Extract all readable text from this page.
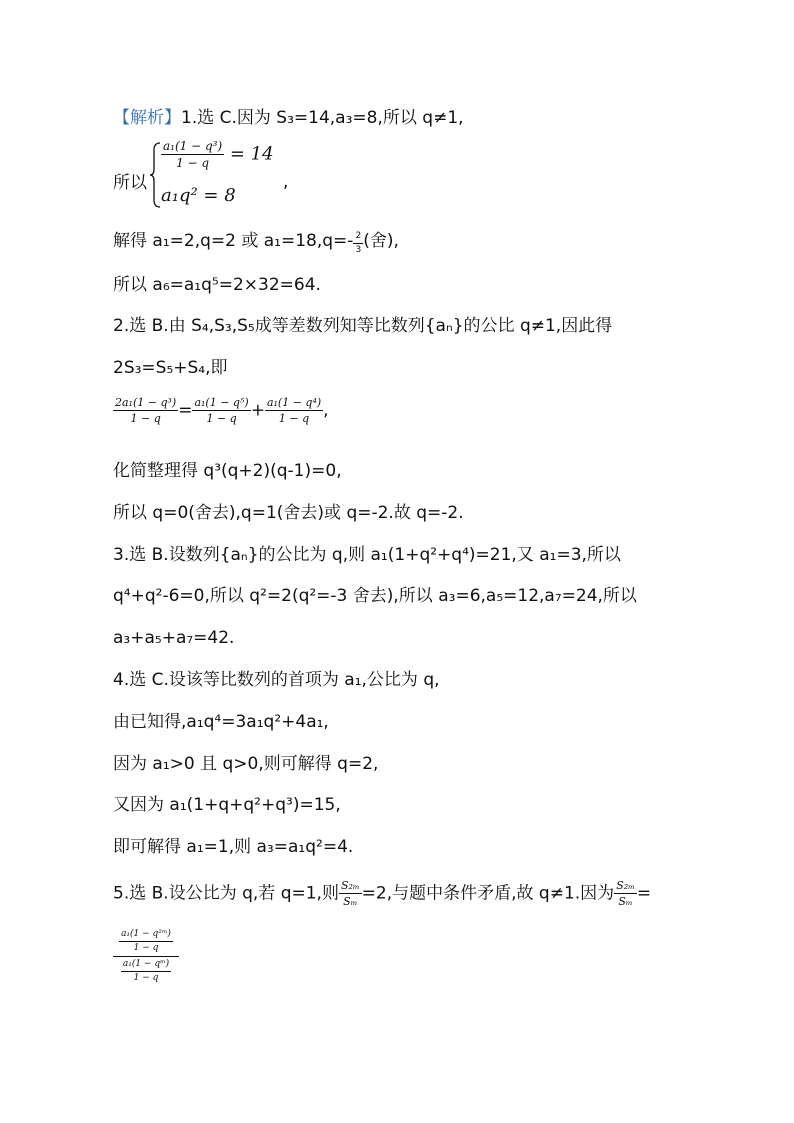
【解析】1.选 C.因为 S₃=14,a₃=8,所以 q≠1,
所以
$\frac{\text{a₁(1 − q³)}}{1 - q} = 14$
a₁q² = 8
,
解得 a₁=2,q=2 或 $a_1=18,q=- \frac{2}{3}$ (舍),
所以 a₆=a₁q⁵=2×32=64.
2.选 B.由 S₄,S₃,S₅成等差数列知等比数列{aₙ}的公比 q≠1,因此得
2S₃=S₅+S₄,即
$\frac{\text{2a₁(1 − q³)}}{1 - q} = \frac{\text{a₁(1 − q⁵)}}{1 - q} + \frac{\text{a₁(1 − q⁴)}}{1 - q}$ ,
化简整理得 q³(q+2)(q-1)=0,
所以 q=0(舍去),q=1(舍去)或 q=-2.故 q=-2.
3.选 B.设数列{aₙ}的公比为 q,则 a₁(1+q²+q⁴)=21,又 a₁=3,所以
q⁴+q²-6=0,所以 q²=2(q²=-3 舍去),所以 a₃=6,a₅=12,a₇=24,所以
a₃+a₅+a₇=42.
4.选 C.设该等比数列的首项为 a₁,公比为 q,
由已知得,a₁q⁴=3a₁q²+4a₁,
因为 a₁>0 且 q>0,则可解得 q=2,
又因为 a₁(1+q+q²+q³)=15,
即可解得 a₁=1,则 a₃=a₁q²=4.
5.选 B.设公比为 q,若 q=1,则 $\frac{\text{S₂ₘ}}{\text{Sₘ}} =2$,与题中条件矛盾,故 q≠1.因为 $\frac{\text{S₂ₘ}}{\text{Sₘ}}$ =
$\frac{\text{a₁(1 − q²ᵐ)}}{1 - q}$
$\frac{\text{a₁(1 − qᵐ)}}{1 - q}$
